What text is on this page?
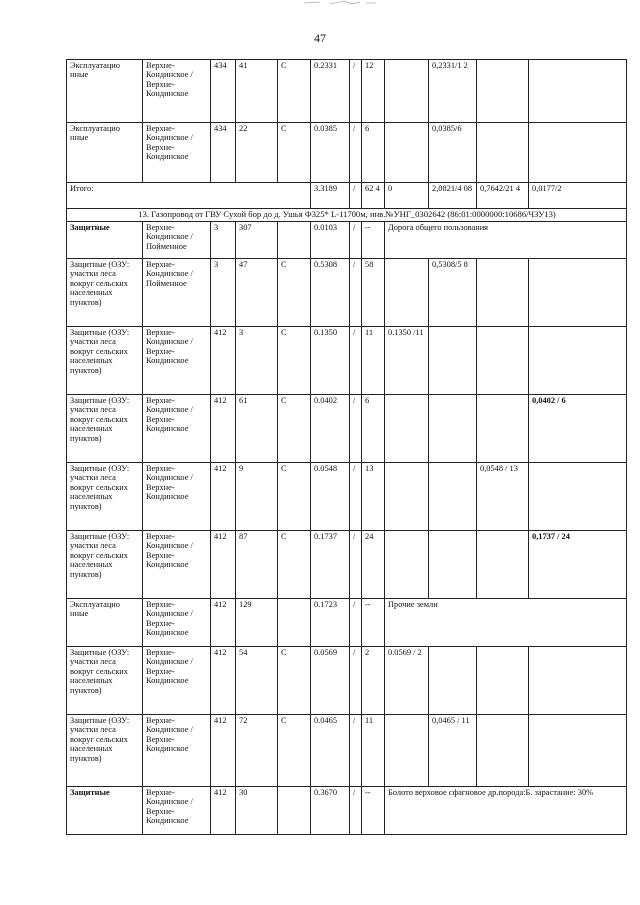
47
Эксплуатацио нные	Верхне-Кондинское / Верхне-Кондинское	434	41	С	0.2331	/	12		0,2331/1 2		
Эксплуатацио нные	Верхне-Кондинское / Верхне-Кондинское	434	22	С	0.0385	/	6		0,0385/6		
Итого:					3.3189	/	62 4	0	2,0821/4 08	0,7642/21 4	0,0177/2
13. Газопровод от ГВУ Сухой бор до д. Ушья Ф325* L-11700м, инв.№УНГ_0302642 (86:01:0000000:10686/ЧЗУ13)											
Защитные	Верхне-Кондинское / Пойменное	3	307		0.0103	/	--	Дорога общего пользования			
Защитные (ОЗУ: участки леса вокруг сельских населенных пунктов)	Верхне-Кондинское / Пойменное	3	47	С	0.5308	/	58		0,5308/5 8		
Защитные (ОЗУ: участки леса вокруг сельских населенных пунктов)	Верхне-Кондинское / Верхне-Кондинское	412	3	С	0.1350	/	11	0.1350 /11			
Защитные (ОЗУ: участки леса вокруг сельских населенных пунктов)	Верхне-Кондинское / Верхне-Кондинское	412	61	С	0.0402	/	6				0,0402 / 6
Защитные (ОЗУ: участки леса вокруг сельских населенных пунктов)	Верхне-Кондинское / Верхне-Кондинское	412	9	С	0.0548	/	13			0,0548 / 13	
Защитные (ОЗУ: участки леса вокруг сельских населенных пунктов)	Верхне-Кондинское / Верхне-Кондинское	412	87	С	0.1737	/	24				0,1737 / 24
Эксплуатацио нные	Верхне-Кондинское / Верхне-Кондинское	412	129		0.1723	/	--	Прочие земли			
Защитные (ОЗУ: участки леса вокруг сельских населенных пунктов)	Верхне-Кондинское / Верхне-Кондинское	412	54	С	0.0569	/	2	0.0569 / 2			
Защитные (ОЗУ: участки леса вокруг сельских населенных пунктов)	Верхне-Кондинское / Верхне-Кондинское	412	72	С	0.0465	/	11		0,0465 / 11		
Защитные	Верхне-Кондинское / Верхне-Кондинское	412	30		0.3670	/	--	Болото верховое сфагновое др.порода:Б. зарастание: 30%			
